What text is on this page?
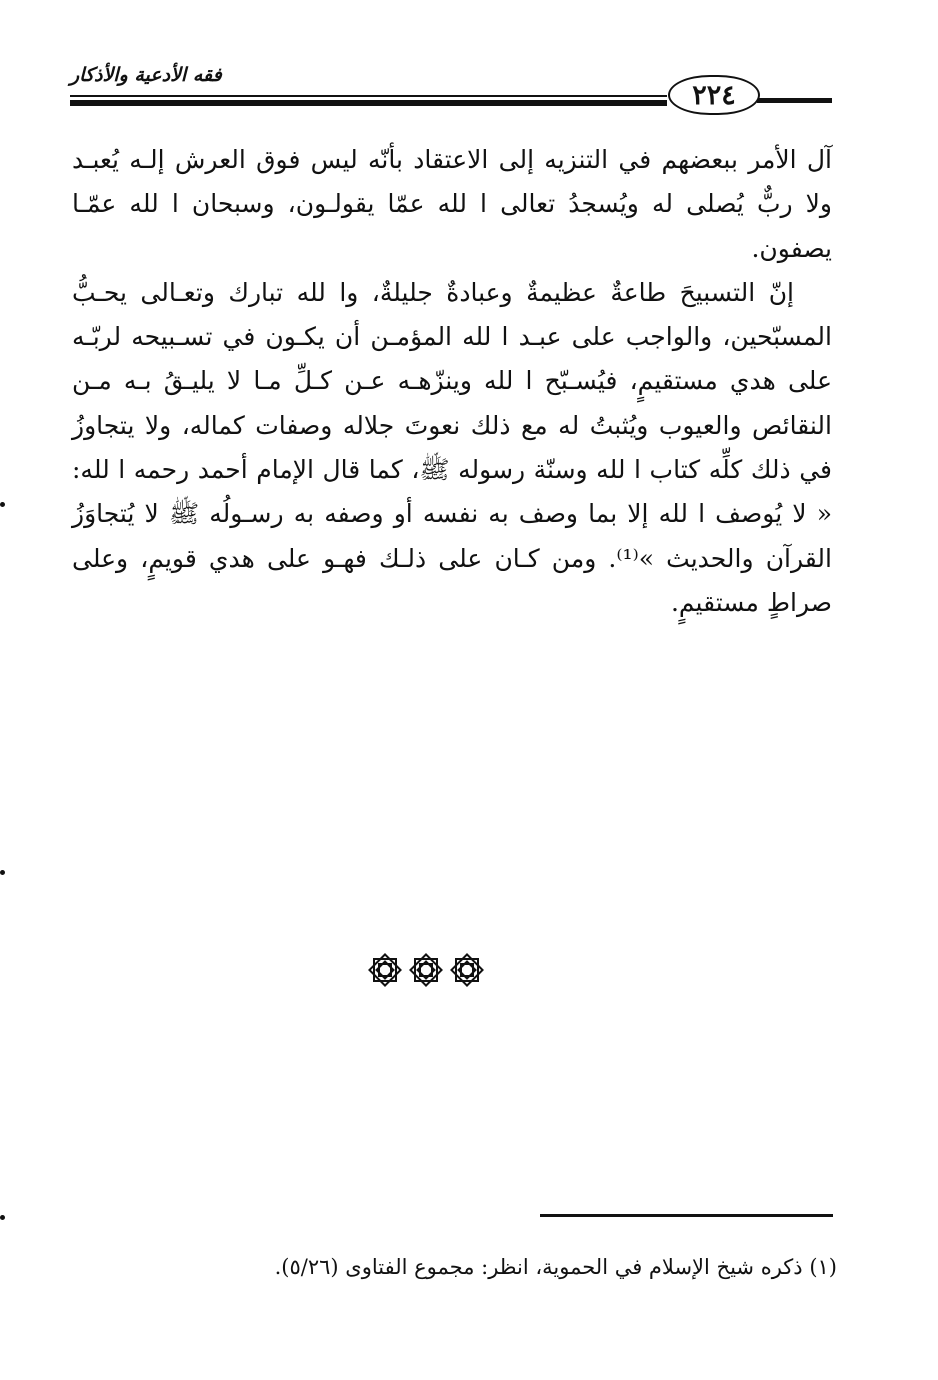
فقه الأدعية والأذكار
٢٢٤

آل الأمر ببعضهم في التنزيه إلى الاعتقاد بأنّه ليس فوق العرش إلـه يُعبـد ولا ربٌّ يُصلى له ويُسجدُ تعالى ا لله عمّا يقولـون، وسبحان ا لله عمّـا يصفون.

إنّ التسبيحَ طاعةٌ عظيمةٌ وعبادةٌ جليلةٌ، وا لله تبارك وتعـالى يحـبُّ المسبّحين، والواجب على عبـد ا لله المؤمـن أن يكـون في تسـبيحه لربّـه على هدي مستقيمٍ، فيُسـبّح ا لله وينزّهـه عـن كـلِّ مـا لا يليـقُ بـه مـن النقائص والعيوب ويُثبتُ له مع ذلك نعوتَ جلاله وصفات كماله، ولا يتجاوزُ في ذلك كلِّه كتاب ا لله وسنّة رسوله ﷺ، كما قال الإمام أحمد رحمه ا لله: « لا يُوصف ا لله إلا بما وصف به نفسه أو وصفه به رسـولُه ﷺ لا يُتجاوَزُ القرآن والحديث »⁽¹⁾. ومن كـان على ذلـك فهـو على هدي قويمٍ، وعلى صراطٍ مستقيمٍ.

(١) ذكره شيخ الإسلام في الحموية، انظر: مجموع الفتاوى (٥/٢٦).
